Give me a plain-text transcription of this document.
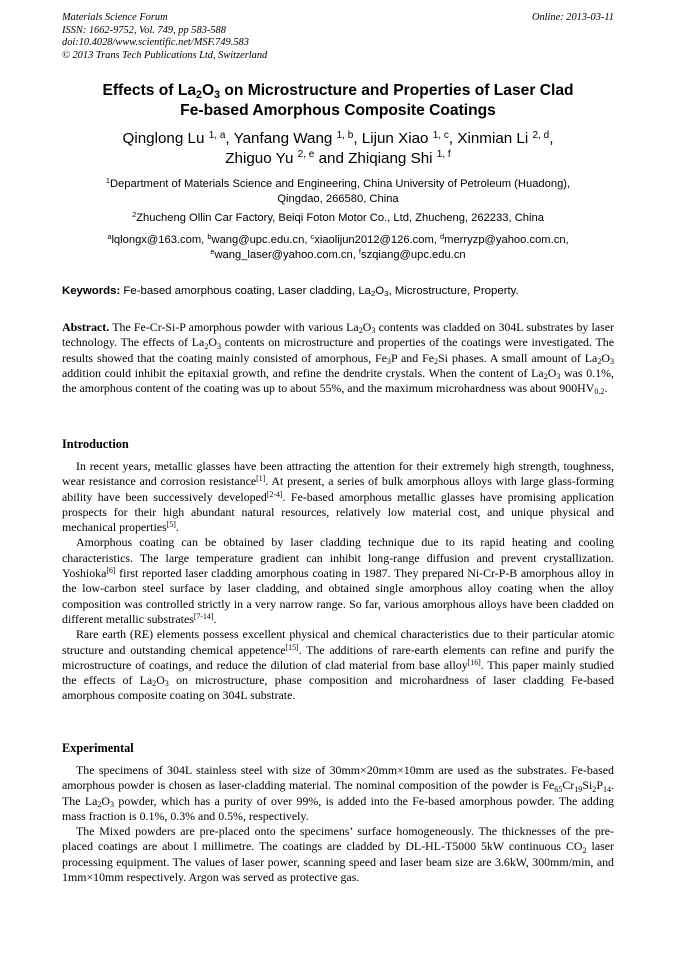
Materials Science Forum
ISSN: 1662-9752, Vol. 749, pp 583-588
doi:10.4028/www.scientific.net/MSF.749.583
© 2013 Trans Tech Publications Ltd, Switzerland
Online: 2013-03-11
Effects of $La_2O_3$ on Microstructure and Properties of Laser Clad
Fe-based Amorphous Composite Coatings
Qinglong Lu $^{1, a}$, Yanfang Wang $^{1, b}$, Lijun Xiao $^{1, c}$, Xinmian Li $^{2, d}$,
Zhiguo Yu $^{2, e}$ and Zhiqiang Shi $^{1, f}$
$^1$Department of Materials Science and Engineering, China University of Petroleum (Huadong),
Qingdao, 266580, China
$^2$Zhucheng Ollin Car Factory, Beiqi Foton Motor Co., Ltd, Zhucheng, 262233, China
$^a$lqlongx@163.com, $^b$wang@upc.edu.cn, $^c$xiaolijun2012@126.com, $^d$merryzp@yahoo.com.cn,
$^e$wang_laser@yahoo.com.cn, $^f$szqiang@upc.edu.cn
Keywords: Fe-based amorphous coating, Laser cladding, $La_2O_3$, Microstructure, Property.

Abstract. The Fe-Cr-Si-P amorphous powder with various $La_2O_3$ contents was cladded on 304L substrates by laser technology. The effects of $La_2O_3$ contents on microstructure and properties of the coatings were investigated. The results showed that the coating mainly consisted of amorphous, $Fe_3P$ and $Fe_2Si$ phases. A small amount of $La_2O_3$ addition could inhibit the epitaxial growth, and refine the dendrite crystals. When the content of $La_2O_3$ was 0.1%, the amorphous content of the coating was up to about 55%, and the maximum microhardness was about $900HV_{0.2}$.

Introduction

In recent years, metallic glasses have been attracting the attention for their extremely high strength, toughness, wear resistance and corrosion resistance[1]. At present, a series of bulk amorphous alloys with large glass-forming ability have been successively developed[2-4]. Fe-based amorphous metallic glasses have promising application prospects for their high abundant natural resources, relatively low material cost, and unique physical and mechanical properties[5].

Amorphous coating can be obtained by laser cladding technique due to its rapid heating and cooling characteristics. The large temperature gradient can inhibit long-range diffusion and prevent crystallization. Yoshioka[6] first reported laser cladding amorphous coating in 1987. They prepared Ni-Cr-P-B amorphous alloy in the low-carbon steel surface by laser cladding, and obtained single amorphous alloy coating when the alloy composition was controlled strictly in a very narrow range. So far, various amorphous alloys have been cladded on different metallic substrates[7-14].

Rare earth (RE) elements possess excellent physical and chemical characteristics due to their particular atomic structure and outstanding chemical appetence[15]. The additions of rare-earth elements can refine and purify the microstructure of coatings, and reduce the dilution of clad material from base alloy[16]. This paper mainly studied the effects of $La_2O_3$ on microstructure, phase composition and microhardness of laser cladding Fe-based amorphous composite coating on 304L substrate.

Experimental

The specimens of 304L stainless steel with size of 30mm×20mm×10mm are used as the substrates. Fe-based amorphous powder is chosen as laser-cladding material. The nominal composition of the powder is $Fe_{65}Cr_{19}Si_2P_{14}$. The $La_2O_3$ powder, which has a purity of over 99%, is added into the Fe-based amorphous powder. The adding mass fraction is 0.1%, 0.3% and 0.5%, respectively.

The Mixed powders are pre-placed onto the specimens’ surface homogeneously. The thicknesses of the pre-placed coatings are about l millimetre. The coatings are cladded by DL-HL-T5000 5kW continuous $CO_2$ laser processing equipment. The values of laser power, scanning speed and laser beam size are 3.6kW, 300mm/min, and 1mm×10mm respectively. Argon was served as protective gas.
